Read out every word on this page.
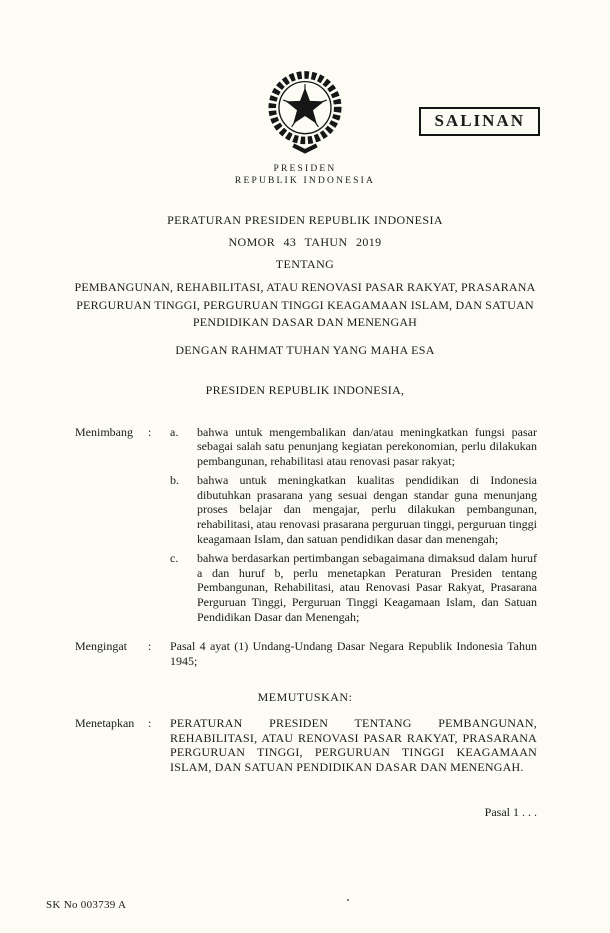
SALINAN
PRESIDEN
REPUBLIK INDONESIA
PERATURAN PRESIDEN REPUBLIK INDONESIA
NOMOR 43 TAHUN 2019
TENTANG
PEMBANGUNAN, REHABILITASI, ATAU RENOVASI PASAR RAKYAT, PRASARANA PERGURUAN TINGGI, PERGURUAN TINGGI KEAGAMAAN ISLAM, DAN SATUAN PENDIDIKAN DASAR DAN MENENGAH
DENGAN RAHMAT TUHAN YANG MAHA ESA
PRESIDEN REPUBLIK INDONESIA,
Menimbang	:	a.	bahwa untuk mengembalikan dan/atau meningkatkan fungsi pasar sebagai salah satu penunjang kegiatan perekonomian, perlu dilakukan pembangunan, rehabilitasi atau renovasi pasar rakyat;
b.	bahwa untuk meningkatkan kualitas pendidikan di Indonesia dibutuhkan prasarana yang sesuai dengan standar guna menunjang proses belajar dan mengajar, perlu dilakukan pembangunan, rehabilitasi, atau renovasi prasarana perguruan tinggi, perguruan tinggi keagamaan Islam, dan satuan pendidikan dasar dan menengah;
c.	bahwa berdasarkan pertimbangan sebagaimana dimaksud dalam huruf a dan huruf b, perlu menetapkan Peraturan Presiden tentang Pembangunan, Rehabilitasi, atau Renovasi Pasar Rakyat, Prasarana Perguruan Tinggi, Perguruan Tinggi Keagamaan Islam, dan Satuan Pendidikan Dasar dan Menengah;
Mengingat	:	Pasal 4 ayat (1) Undang-Undang Dasar Negara Republik Indonesia Tahun 1945;
MEMUTUSKAN:
Menetapkan	:	PERATURAN PRESIDEN TENTANG PEMBANGUNAN, REHABILITASI, ATAU RENOVASI PASAR RAKYAT, PRASARANA PERGURUAN TINGGI, PERGURUAN TINGGI KEAGAMAAN ISLAM, DAN SATUAN PENDIDIKAN DASAR DAN MENENGAH.
Pasal 1 . . .
SK No 003739 A
